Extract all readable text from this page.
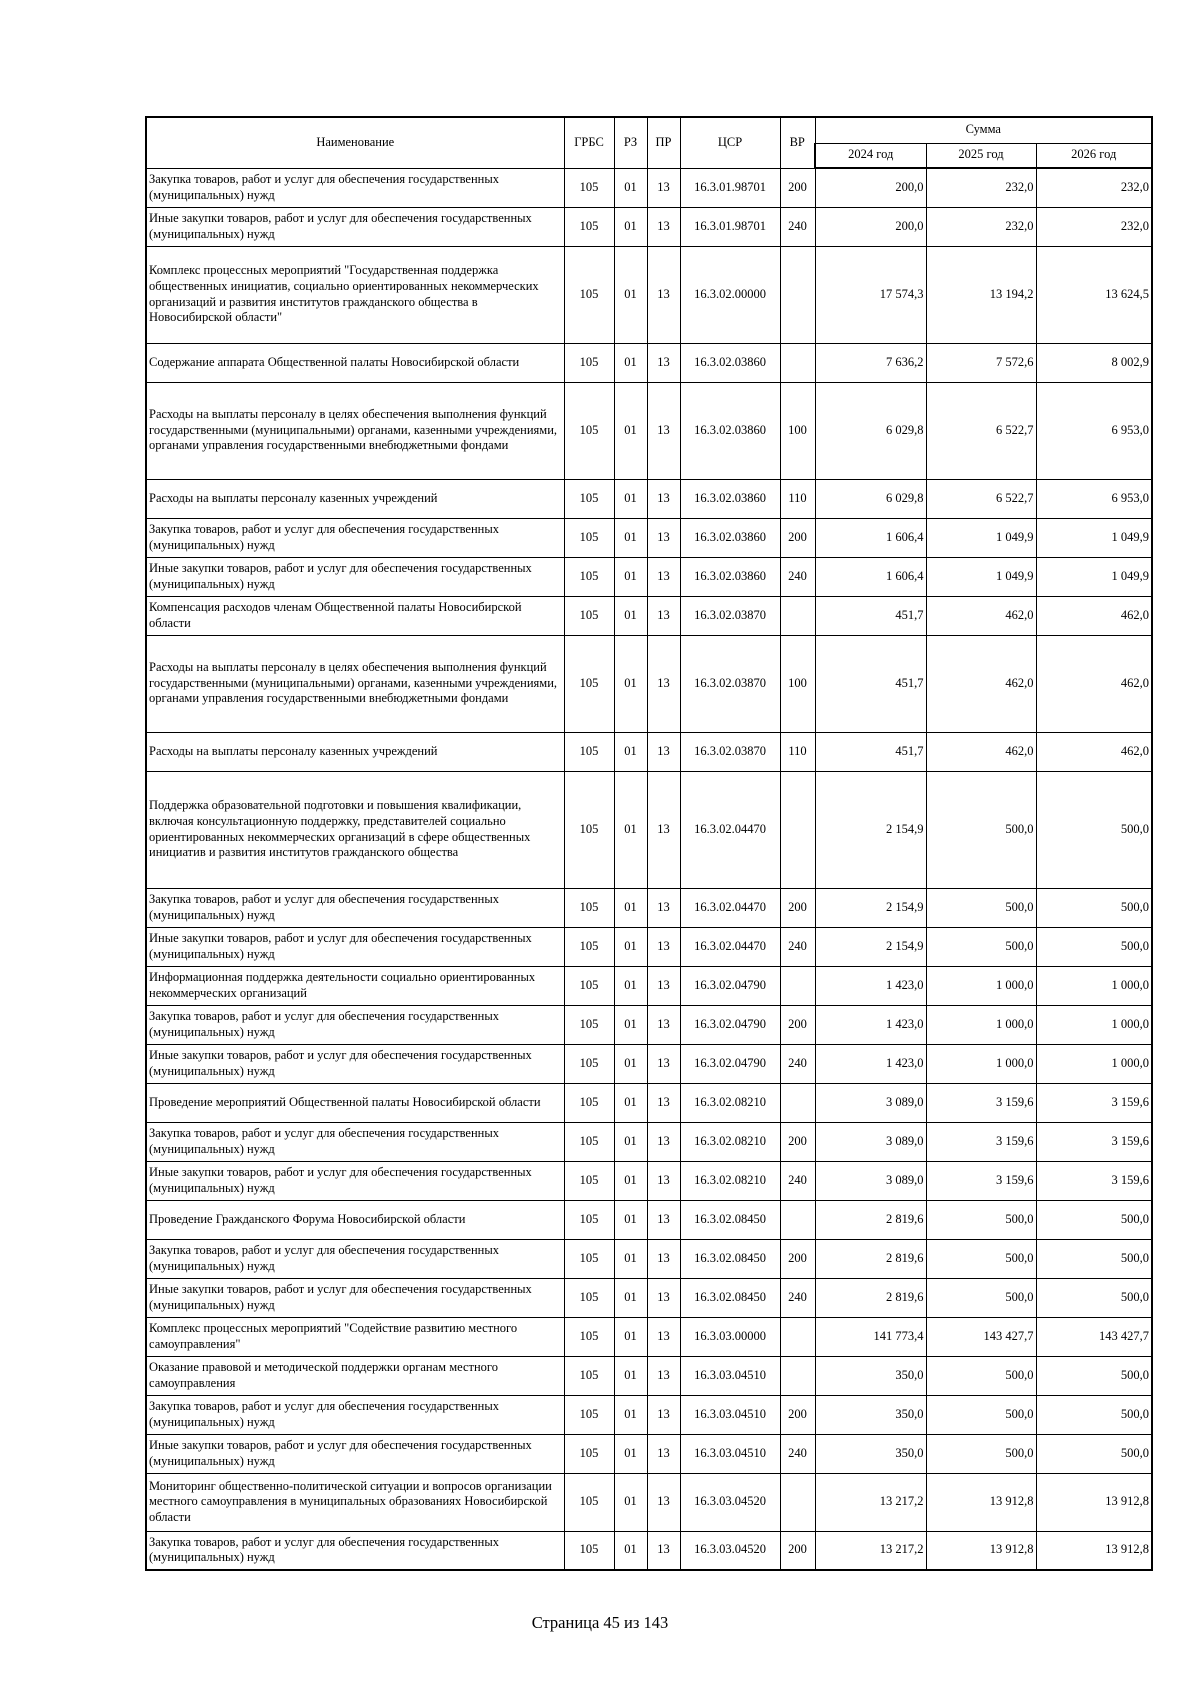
Наименование	ГРБС	РЗ	ПР	ЦСР	ВР	Сумма		
						2024 год	2025 год	2026 год
Закупка товаров, работ и услуг для обеспечения государственных (муниципальных) нужд	105	01	13	16.3.01.98701	200	200,0	232,0	232,0
Иные закупки товаров, работ и услуг для обеспечения государственных (муниципальных) нужд	105	01	13	16.3.01.98701	240	200,0	232,0	232,0
Комплекс процессных мероприятий "Государственная поддержка общественных инициатив, социально ориентированных некоммерческих организаций и развития институтов гражданского общества в Новосибирской области"	105	01	13	16.3.02.00000		17 574,3	13 194,2	13 624,5
Содержание аппарата Общественной палаты Новосибирской области	105	01	13	16.3.02.03860		7 636,2	7 572,6	8 002,9
Расходы на выплаты персоналу в целях обеспечения выполнения функций государственными (муниципальными) органами, казенными учреждениями, органами управления государственными внебюджетными фондами	105	01	13	16.3.02.03860	100	6 029,8	6 522,7	6 953,0
Расходы на выплаты персоналу казенных учреждений	105	01	13	16.3.02.03860	110	6 029,8	6 522,7	6 953,0
Закупка товаров, работ и услуг для обеспечения государственных (муниципальных) нужд	105	01	13	16.3.02.03860	200	1 606,4	1 049,9	1 049,9
Иные закупки товаров, работ и услуг для обеспечения государственных (муниципальных) нужд	105	01	13	16.3.02.03860	240	1 606,4	1 049,9	1 049,9
Компенсация расходов членам Общественной палаты Новосибирской области	105	01	13	16.3.02.03870		451,7	462,0	462,0
Расходы на выплаты персоналу в целях обеспечения выполнения функций государственными (муниципальными) органами, казенными учреждениями, органами управления государственными внебюджетными фондами	105	01	13	16.3.02.03870	100	451,7	462,0	462,0
Расходы на выплаты персоналу казенных учреждений	105	01	13	16.3.02.03870	110	451,7	462,0	462,0
Поддержка образовательной подготовки и повышения квалификации, включая консультационную поддержку, представителей социально ориентированных некоммерческих организаций в сфере общественных инициатив и развития институтов гражданского общества	105	01	13	16.3.02.04470		2 154,9	500,0	500,0
Закупка товаров, работ и услуг для обеспечения государственных (муниципальных) нужд	105	01	13	16.3.02.04470	200	2 154,9	500,0	500,0
Иные закупки товаров, работ и услуг для обеспечения государственных (муниципальных) нужд	105	01	13	16.3.02.04470	240	2 154,9	500,0	500,0
Информационная поддержка деятельности социально ориентированных некоммерческих организаций	105	01	13	16.3.02.04790		1 423,0	1 000,0	1 000,0
Закупка товаров, работ и услуг для обеспечения государственных (муниципальных) нужд	105	01	13	16.3.02.04790	200	1 423,0	1 000,0	1 000,0
Иные закупки товаров, работ и услуг для обеспечения государственных (муниципальных) нужд	105	01	13	16.3.02.04790	240	1 423,0	1 000,0	1 000,0
Проведение мероприятий Общественной палаты Новосибирской области	105	01	13	16.3.02.08210		3 089,0	3 159,6	3 159,6
Закупка товаров, работ и услуг для обеспечения государственных (муниципальных) нужд	105	01	13	16.3.02.08210	200	3 089,0	3 159,6	3 159,6
Иные закупки товаров, работ и услуг для обеспечения государственных (муниципальных) нужд	105	01	13	16.3.02.08210	240	3 089,0	3 159,6	3 159,6
Проведение Гражданского Форума Новосибирской области	105	01	13	16.3.02.08450		2 819,6	500,0	500,0
Закупка товаров, работ и услуг для обеспечения государственных (муниципальных) нужд	105	01	13	16.3.02.08450	200	2 819,6	500,0	500,0
Иные закупки товаров, работ и услуг для обеспечения государственных (муниципальных) нужд	105	01	13	16.3.02.08450	240	2 819,6	500,0	500,0
Комплекс процессных мероприятий "Содействие развитию местного самоуправления"	105	01	13	16.3.03.00000		141 773,4	143 427,7	143 427,7
Оказание правовой и методической поддержки органам местного самоуправления	105	01	13	16.3.03.04510		350,0	500,0	500,0
Закупка товаров, работ и услуг для обеспечения государственных (муниципальных) нужд	105	01	13	16.3.03.04510	200	350,0	500,0	500,0
Иные закупки товаров, работ и услуг для обеспечения государственных (муниципальных) нужд	105	01	13	16.3.03.04510	240	350,0	500,0	500,0
Мониторинг общественно-политической ситуации и вопросов организации местного самоуправления в муниципальных образованиях Новосибирской области	105	01	13	16.3.03.04520		13 217,2	13 912,8	13 912,8
Закупка товаров, работ и услуг для обеспечения государственных (муниципальных) нужд	105	01	13	16.3.03.04520	200	13 217,2	13 912,8	13 912,8
Страница 45 из 143
